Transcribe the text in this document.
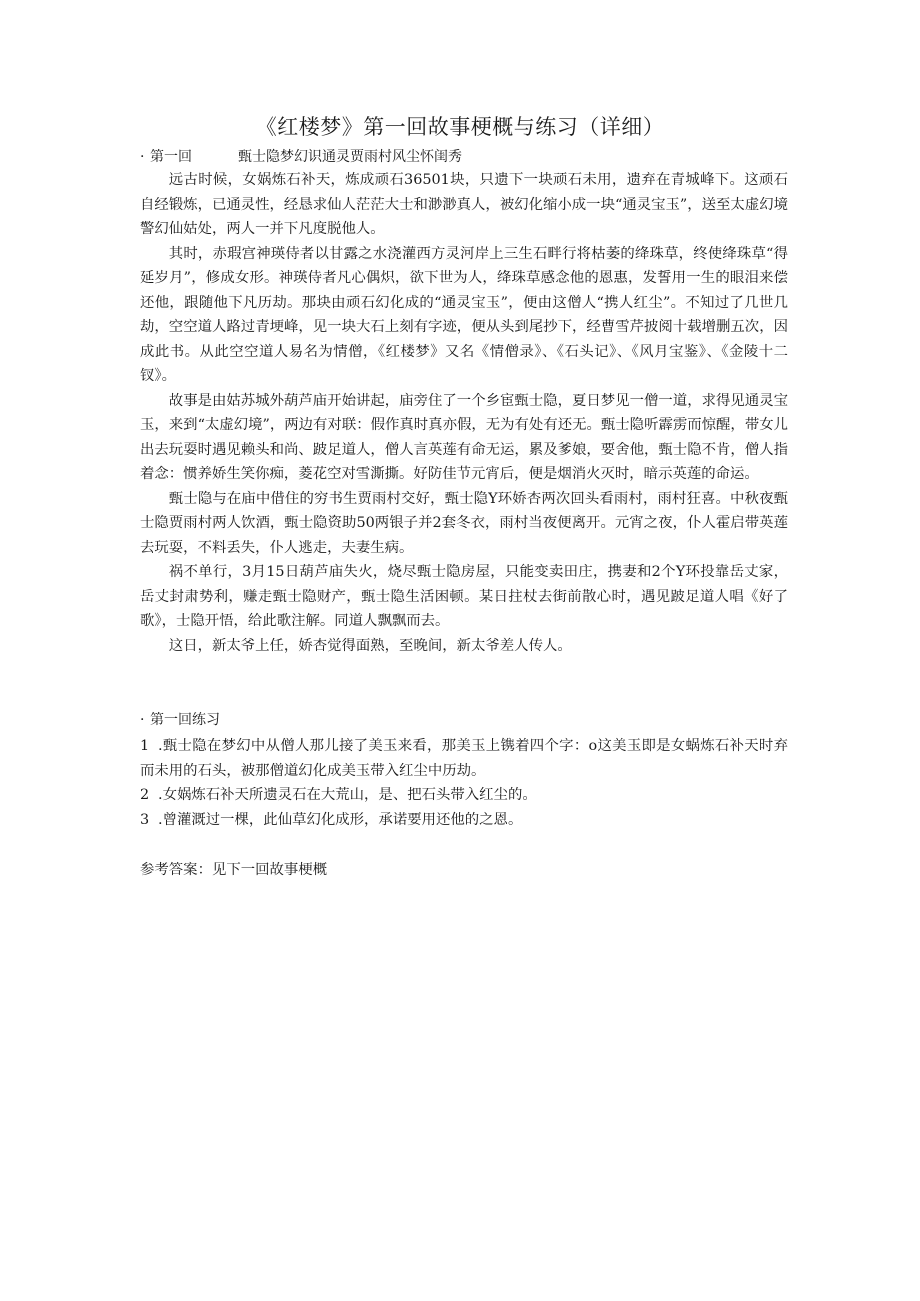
《红楼梦》第一回故事梗概与练习（详细）
· 第一回	甄士隐梦幻识通灵贾雨村风尘怀闺秀

远古时候，女娲炼石补天，炼成顽石36501块，只遗下一块顽石未用，遗弃在青城峰下。这顽石自经锻炼，已通灵性，经恳求仙人茫茫大士和渺渺真人，被幻化缩小成一块“通灵宝玉”，送至太虚幻境警幻仙姑处，两人一并下凡度脱他人。

其时，赤瑕宫神瑛侍者以甘露之水浇灌西方灵河岸上三生石畔行将枯萎的绛珠草，终使绛珠草“得延岁月”，修成女形。神瑛侍者凡心偶炽，欲下世为人，绛珠草感念他的恩惠，发誓用一生的眼泪来偿还他，跟随他下凡历劫。那块由顽石幻化成的“通灵宝玉”，便由这僧人“携人红尘”。不知过了几世几劫，空空道人路过青埂峰，见一块大石上刻有字迹，便从头到尾抄下，经曹雪芹披阅十载增删五次，因成此书。从此空空道人易名为情僧，《红楼梦》又名《情僧录》、《石头记》、《风月宝鉴》、《金陵十二钗》。

故事是由姑苏城外葫芦庙开始讲起，庙旁住了一个乡宦甄士隐，夏日梦见一僧一道，求得见通灵宝玉，来到“太虚幻境”，两边有对联：假作真时真亦假，无为有处有还无。甄士隐听霹雳而惊醒，带女儿出去玩耍时遇见赖头和尚、跛足道人，僧人言英莲有命无运，累及爹娘，要舍他，甄士隐不肯，僧人指着念：惯养娇生笑你痴，菱花空对雪澌撕。好防佳节元宵后，便是烟消火灭时，暗示英莲的命运。

甄士隐与在庙中借住的穷书生贾雨村交好，甄士隐Y环娇杏两次回头看雨村，雨村狂喜。中秋夜甄士隐贾雨村两人饮酒，甄士隐资助50两银子并2套冬衣，雨村当夜便离开。元宵之夜，仆人霍启带英莲去玩耍，不料丢失，仆人逃走，夫妻生病。

祸不单行，3月15日葫芦庙失火，烧尽甄士隐房屋，只能变卖田庄，携妻和2个Y环投靠岳丈家，岳丈封肃势利，赚走甄士隐财产，甄士隐生活困顿。某日拄杖去街前散心时，遇见跛足道人唱《好了歌》，士隐开悟，给此歌注解。同道人飘飘而去。

这日，新太爷上任，娇杏觉得面熟，至晚间，新太爷差人传人。

· 第一回练习
1 .甄士隐在梦幻中从僧人那儿接了美玉来看，那美玉上镌着四个字：o这美玉即是女蜗炼石补天时弃而未用的石头，被那僧道幻化成美玉带入红尘中历劫。
2 .女娲炼石补天所遗灵石在大荒山，是、把石头带入红尘的。
3 .曾灌溉过一棵，此仙草幻化成形，承诺要用还他的之恩。
参考答案：见下一回故事梗概
